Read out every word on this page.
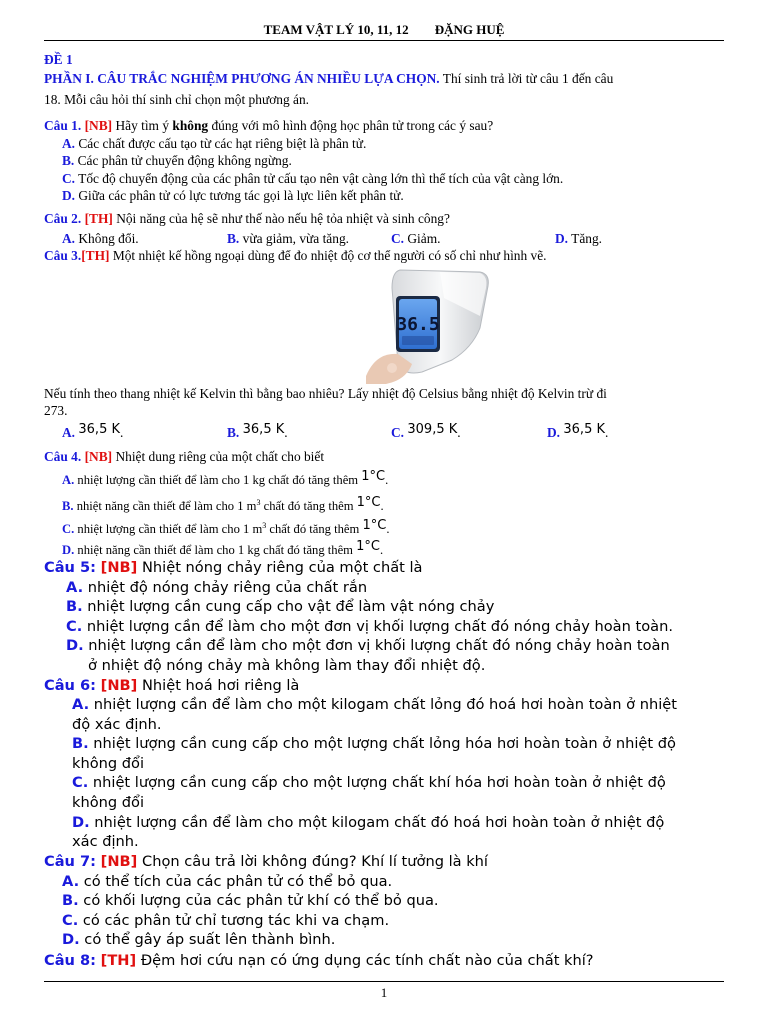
TEAM VẬT LÝ 10, 11, 12 ĐẶNG HUỆ
ĐỀ 1
PHẦN I. CÂU TRẮC NGHIỆM PHƯƠNG ÁN NHIỀU LỰA CHỌN. Thí sinh trả lời từ câu 1 đến câu
18. Mỗi câu hỏi thí sinh chỉ chọn một phương án.
Câu 1. [NB] Hãy tìm ý không đúng với mô hình động học phân tử trong các ý sau?
A. Các chất được cấu tạo từ các hạt riêng biệt là phân tử.
B. Các phân tử chuyển động không ngừng.
C. Tốc độ chuyển động của các phân tử cấu tạo nên vật càng lớn thì thể tích của vật càng lớn.
D. Giữa các phân tử có lực tương tác gọi là lực liên kết phân tử.
Câu 2. [TH] Nội năng của hệ sẽ như thế nào nếu hệ tỏa nhiệt và sinh công?
A. Không đổi.	B. vừa giảm, vừa tăng.	C. Giảm.	D. Tăng.
Câu 3.[TH] Một nhiệt kế hồng ngoại dùng để đo nhiệt độ cơ thể người có số chỉ như hình vẽ.
36.5
Nếu tính theo thang nhiệt kế Kelvin thì bằng bao nhiêu? Lấy nhiệt độ Celsius bằng nhiệt độ Kelvin trừ đi
273.
A. 36,5 K.	B. 36,5 K.	C. 309,5 K.	D. 36,5 K.
Câu 4. [NB] Nhiệt dung riêng của một chất cho biết
A. nhiệt lượng cần thiết để làm cho 1 kg chất đó tăng thêm 1°C.
B. nhiệt năng cần thiết để làm cho 1 $m^3$ chất đó tăng thêm 1°C.
C. nhiệt lượng cần thiết để làm cho 1 $m^3$ chất đó tăng thêm 1°C.
D. nhiệt năng cần thiết để làm cho 1 kg chất đó tăng thêm 1°C.
Câu 5: [NB] Nhiệt nóng chảy riêng của một chất là
A. nhiệt độ nóng chảy riêng của chất rắn
B. nhiệt lượng cần cung cấp cho vật để làm vật nóng chảy
C. nhiệt lượng cần để làm cho một đơn vị khối lượng chất đó nóng chảy hoàn toàn.
D. nhiệt lượng cần để làm cho một đơn vị khối lượng chất đó nóng chảy hoàn toàn
ở nhiệt độ nóng chảy mà không làm thay đổi nhiệt độ.
Câu 6: [NB] Nhiệt hoá hơi riêng là
A. nhiệt lượng cần để làm cho một kilogam chất lỏng đó hoá hơi hoàn toàn ở nhiệt
độ xác định.
B. nhiệt lượng cần cung cấp cho một lượng chất lỏng hóa hơi hoàn toàn ở nhiệt độ
không đổi
C. nhiệt lượng cần cung cấp cho một lượng chất khí hóa hơi hoàn toàn ở nhiệt độ
không đổi
D. nhiệt lượng cần để làm cho một kilogam chất đó hoá hơi hoàn toàn ở nhiệt độ
xác định.
Câu 7: [NB] Chọn câu trả lời không đúng? Khí lí tưởng là khí
A. có thể tích của các phân tử có thể bỏ qua.
B. có khối lượng của các phân tử khí có thể bỏ qua.
C. có các phân tử chỉ tương tác khi va chạm.
D. có thể gây áp suất lên thành bình.
Câu 8: [TH] Đệm hơi cứu nạn có ứng dụng các tính chất nào của chất khí?
1
